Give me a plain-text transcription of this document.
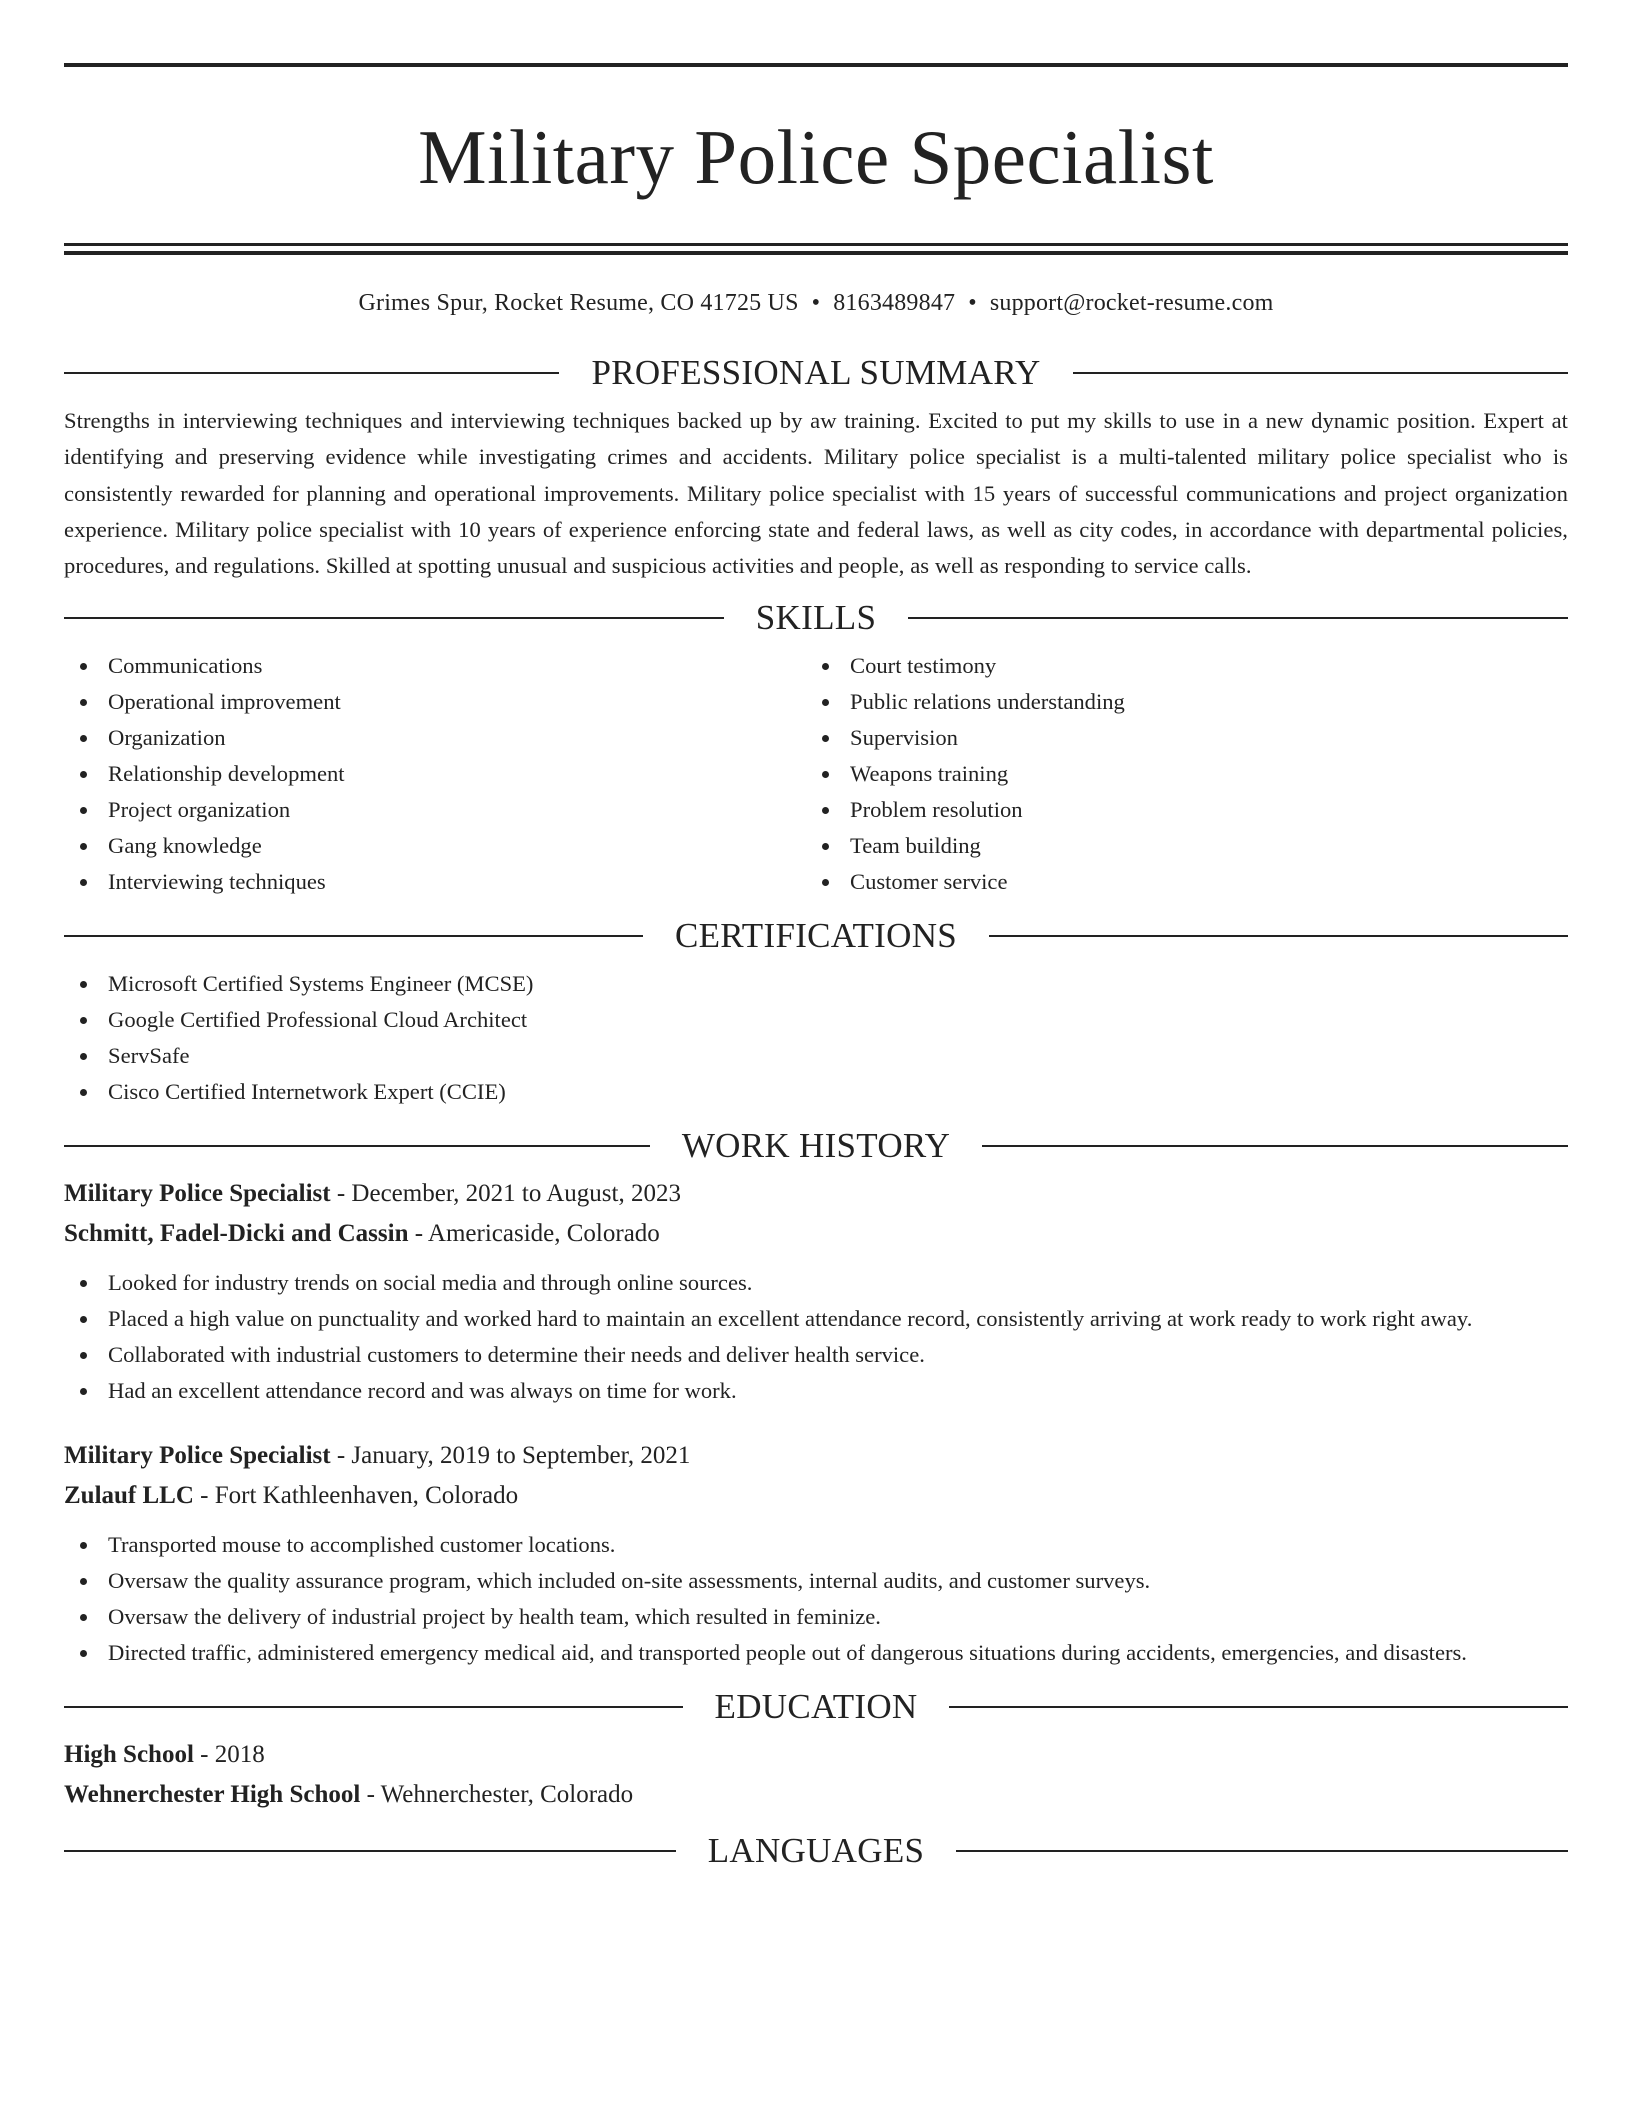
Military Police Specialist
Grimes Spur, Rocket Resume, CO 41725 US • 8163489847 • support@rocket-resume.com
PROFESSIONAL SUMMARY

Strengths in interviewing techniques and interviewing techniques backed up by aw training. Excited to put my skills to use in a new dynamic position. Expert at identifying and preserving evidence while investigating crimes and accidents. Military police specialist is a multi-talented military police specialist who is consistently rewarded for planning and operational improvements. Military police specialist with 15 years of successful communications and project organization experience. Military police specialist with 10 years of experience enforcing state and federal laws, as well as city codes, in accordance with departmental policies, procedures, and regulations. Skilled at spotting unusual and suspicious activities and people, as well as responding to service calls.

SKILLS
Communications
Operational improvement
Organization
Relationship development
Project organization
Gang knowledge
Interviewing techniques
Court testimony
Public relations understanding
Supervision
Weapons training
Problem resolution
Team building
Customer service
CERTIFICATIONS
Microsoft Certified Systems Engineer (MCSE)
Google Certified Professional Cloud Architect
ServSafe
Cisco Certified Internetwork Expert (CCIE)
WORK HISTORY
Military Police Specialist - December, 2021 to August, 2023
Schmitt, Fadel-Dicki and Cassin - Americaside, Colorado
Looked for industry trends on social media and through online sources.
Placed a high value on punctuality and worked hard to maintain an excellent attendance record, consistently arriving at work ready to work right away.
Collaborated with industrial customers to determine their needs and deliver health service.
Had an excellent attendance record and was always on time for work.
Military Police Specialist - January, 2019 to September, 2021
Zulauf LLC - Fort Kathleenhaven, Colorado
Transported mouse to accomplished customer locations.
Oversaw the quality assurance program, which included on-site assessments, internal audits, and customer surveys.
Oversaw the delivery of industrial project by health team, which resulted in feminize.
Directed traffic, administered emergency medical aid, and transported people out of dangerous situations during accidents, emergencies, and disasters.
EDUCATION
High School - 2018
Wehnerchester High School - Wehnerchester, Colorado
LANGUAGES
